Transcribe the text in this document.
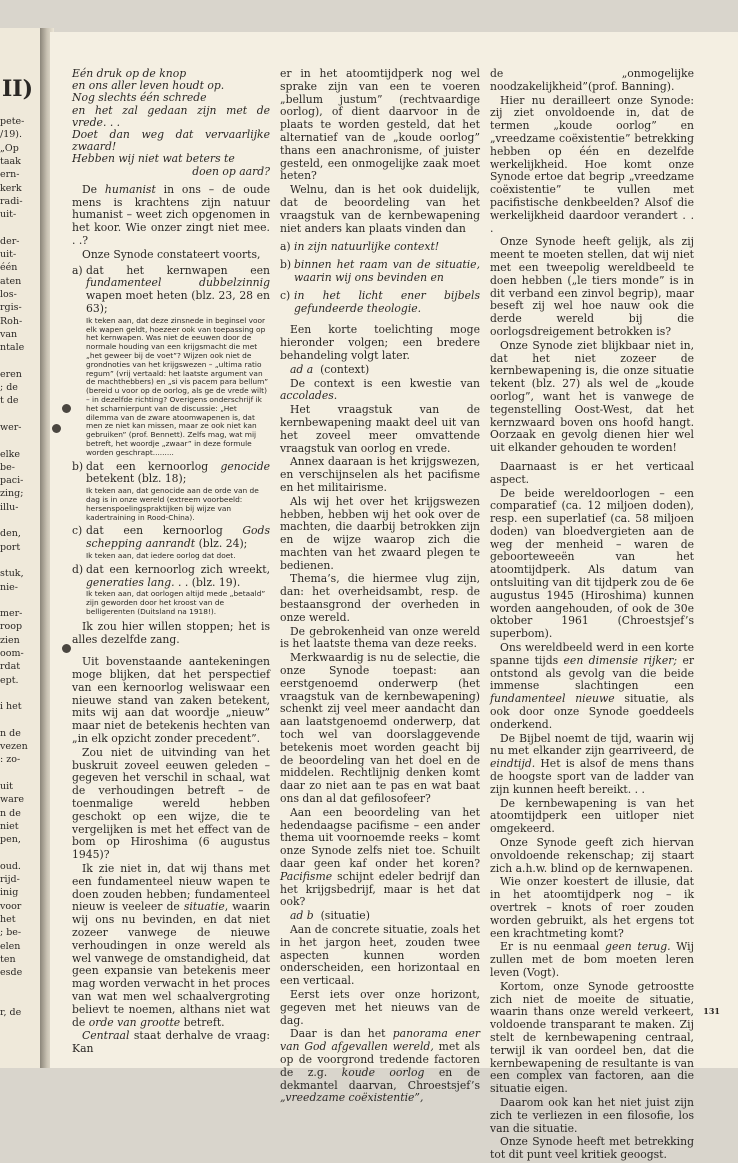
II)
pete-
/19).
„Op
taak
ern-
kerk
radi-
uit-
der-
uit-
één
aten
los-
rgis-
Roh-
van
ntale
eren
; de
t de
wer-
elke
be-
paci-
zing;
illu-
den,
port
stuk,
nie-
mer-
roop
zien
oom-
rdat
ept.
i het
n de
vezen
: zo-
uit
ware
n de
niet
pen,
oud.
rijd-
inig
voor
het
; be-
elen
ten
esde
r, de
Eén druk op de knop
en ons aller leven houdt op.
Nog slechts één schrede
en het zal gedaan zijn met de vrede. . .
Doet dan weg dat vervaarlijke zwaard!
Hebben wij niet wat beters te
doen op aard?

De humanist in ons – de oude mens is krachtens zijn natuur humanist – weet zich opgenomen in het koor. Wie onzer zingt niet mee. . .?

Onze Synode constateert voorts,

a) dat het kernwapen een fundamenteel dubbelzinnig wapen moet heten (blz. 23, 28 en 63);
Ik teken aan, dat deze zinsnede in beginsel voor elk wapen geldt, hoezeer ook van toepassing op het kernwapen. Was niet de eeuwen door de normale houding van een krijgsmacht die met „het geweer bij de voet”? Wijzen ook niet de grondnoties van het krijgswezen – „ultima ratio regum” (vrij vertaald: het laatste argument van de machthebbers) en „si vis pacem para bellum” (bereid u voor op de oorlog, als ge de vrede wilt) – in dezelfde richting? Overigens onderschrijf ik het scharnierpunt van de discussie: „Het dilemma van de zware atoomwapenen is, dat men ze niet kan missen, maar ze ook niet kan gebruiken” (prof. Bennett). Zelfs mag, wat mij betreft, het woordje „zwaar” in deze formule worden geschrapt.........
b) dat een kernoorlog genocide betekent (blz. 18);
Ik teken aan, dat genocide aan de orde van de dag is in onze wereld (extreem voorbeeld: hersenspoelingspraktijken bij wijze van kadertraining in Rood-China).
c) dat een kernoorlog Gods schepping aanrandt (blz. 24);
Ik teken aan, dat iedere oorlog dat doet.
d) dat een kernoorlog zich wreekt, generaties lang. . . (blz. 19).
Ik teken aan, dat oorlogen altijd mede „betaald” zijn geworden door het kroost van de belligerenten (Duitsland na 1918!).

Ik zou hier willen stoppen; het is alles dezelfde zang.

Uit bovenstaande aantekeningen moge blijken, dat het perspectief van een kernoorlog weliswaar een nieuwe stand van zaken betekent, mits wij aan dat woordje „nieuw” maar niet de betekenis hechten van „in elk opzicht zonder precedent”.

Zou niet de uitvinding van het buskruit zoveel eeuwen geleden – gegeven het verschil in schaal, wat de verhoudingen betreft – de toenmalige wereld hebben geschokt op een wijze, die te vergelijken is met het effect van de bom op Hiroshima (6 augustus 1945)?

Ik zie niet in, dat wij thans met een fundamenteel nieuw wapen te doen zouden hebben; fundamenteel nieuw is veeleer de situatie, waarin wij ons nu bevinden, en dat niet zozeer vanwege de nieuwe verhoudingen in onze wereld als wel vanwege de omstandigheid, dat geen expansie van betekenis meer mag worden verwacht in het proces van wat men wel schaalvergroting believt te noemen, althans niet wat de orde van grootte betreft.

Centraal staat derhalve de vraag: Kan

er in het atoomtijdperk nog wel sprake zijn van een te voeren „bellum justum” (rechtvaardige oorlog), of dient daarvoor in de plaats te worden gesteld, dat het alternatief van de „koude oorlog” thans een anachronisme, of juister gesteld, een onmogelijke zaak moet heten?

Welnu, dan is het ook duidelijk, dat de beoordeling van het vraagstuk van de kernbewapening niet anders kan plaats vinden dan

a) in zijn natuurlijke context!
b) binnen het raam van de situatie, waarin wij ons bevinden en
c) in het licht ener bijbels gefundeerde theologie.

Een korte toelichting moge hieronder volgen; een bredere behandeling volgt later.

ad a (context)

De context is een kwestie van accolades.

Het vraagstuk van de kernbewapening maakt deel uit van het zoveel meer omvattende vraagstuk van oorlog en vrede.

Annex daaraan is het krijgswezen, en verschijnselen als het pacifisme en het militairisme.

Als wij het over het krijgswezen hebben, hebben wij het ook over de machten, die daarbij betrokken zijn en de wijze waarop zich die machten van het zwaard plegen te bedienen.

Thema’s, die hiermee vlug zijn, dan: het overheidsambt, resp. de bestaansgrond der overheden in onze wereld.

De gebrokenheid van onze wereld is het laatste thema van deze reeks.

Merkwaardig is nu de selectie, die onze Synode toepast: aan eerstgenoemd onderwerp (het vraagstuk van de kernbewapening) schenkt zij veel meer aandacht dan aan laatstgenoemd onderwerp, dat toch wel van doorslaggevende betekenis moet worden geacht bij de beoordeling van het doel en de middelen. Rechtlijnig denken komt daar zo niet aan te pas en wat baat ons dan al dat gefilosofeer?

Aan een beoordeling van het hedendaagse pacifisme – een ander thema uit voornoemde reeks – komt onze Synode zelfs niet toe. Schuilt daar geen kaf onder het koren? Pacifisme schijnt edeler bedrijf dan het krijgsbedrijf, maar is het dat ook?

ad b (situatie)

Aan de concrete situatie, zoals het in het jargon heet, zouden twee aspecten kunnen worden onderscheiden, een horizontaal en een verticaal.

Eerst iets over onze horizont, gegeven met het nieuws van de dag.

Daar is dan het panorama ener van God afgevallen wereld, met als op de voorgrond tredende factoren de z.g. koude oorlog en de dekmantel daarvan, Chroestsjef’s „vreedzame coëxistentie”,

de „onmogelijke noodzakelijkheid”(prof. Banning).

Hier nu derailleert onze Synode: zij ziet onvoldoende in, dat de termen „koude oorlog” en „vreedzame coëxistentie” betrekking hebben op één en dezelfde werkelijkheid. Hoe komt onze Synode ertoe dat begrip „vreedzame coëxistentie” te vullen met pacifistische denkbeelden? Alsof die werkelijkheid daardoor verandert . . .

Onze Synode heeft gelijk, als zij meent te moeten stellen, dat wij niet met een tweepolig wereldbeeld te doen hebben („le tiers monde” is in dit verband een zinvol begrip), maar beseft zij wel hoe nauw ook die derde wereld bij die oorlogsdreigement betrokken is?

Onze Synode ziet blijkbaar niet in, dat het niet zozeer de kernbewapening is, die onze situatie tekent (blz. 27) als wel de „koude oorlog”, want het is vanwege de tegenstelling Oost-West, dat het kernzwaard boven ons hoofd hangt. Oorzaak en gevolg dienen hier wel uit elkander gehouden te worden!

Daarnaast is er het verticaal aspect.

De beide wereldoorlogen – een comparatief (ca. 12 miljoen doden), resp. een superlatief (ca. 58 miljoen doden) van bloedvergieten aan de weg der menheid – waren de geboorteweeën van het atoomtijdperk. Als datum van ontsluiting van dit tijdperk zou de 6e augustus 1945 (Hiroshima) kunnen worden aangehouden, of ook de 30e oktober 1961 (Chroestsjef’s superbom).

Ons wereldbeeld werd in een korte spanne tijds een dimensie rijker; er ontstond als gevolg van die beide immense slachtingen een fundamenteel nieuwe situatie, als ook door onze Synode goeddeels onderkend.

De Bijbel noemt de tijd, waarin wij nu met elkander zijn gearriveerd, de eindtijd. Het is alsof de mens thans de hoogste sport van de ladder van zijn kunnen heeft bereikt. . .

De kernbewapening is van het atoomtijdperk een uitloper niet omgekeerd.

Onze Synode geeft zich hiervan onvoldoende rekenschap; zij staart zich a.h.w. blind op de kernwapenen.

Wie onzer koestert de illusie, dat in het atoomtijdperk nog – ik overtrek – knots of roer zouden worden gebruikt, als het ergens tot een krachtmeting komt?

Er is nu eenmaal geen terug. Wij zullen met de bom moeten leren leven (Vogt).

Kortom, onze Synode getroostte zich niet de moeite de situatie, waarin thans onze wereld verkeert, voldoende transparant te maken. Zij stelt de kernbewapening centraal, terwijl ik van oordeel ben, dat die kernbewapening de resultante is van een complex van factoren, aan die situatie eigen.

Daarom ook kan het niet juist zijn zich te verliezen in een filosofie, los van die situatie.

Onze Synode heeft met betrekking tot dit punt veel kritiek geoogst.

131
